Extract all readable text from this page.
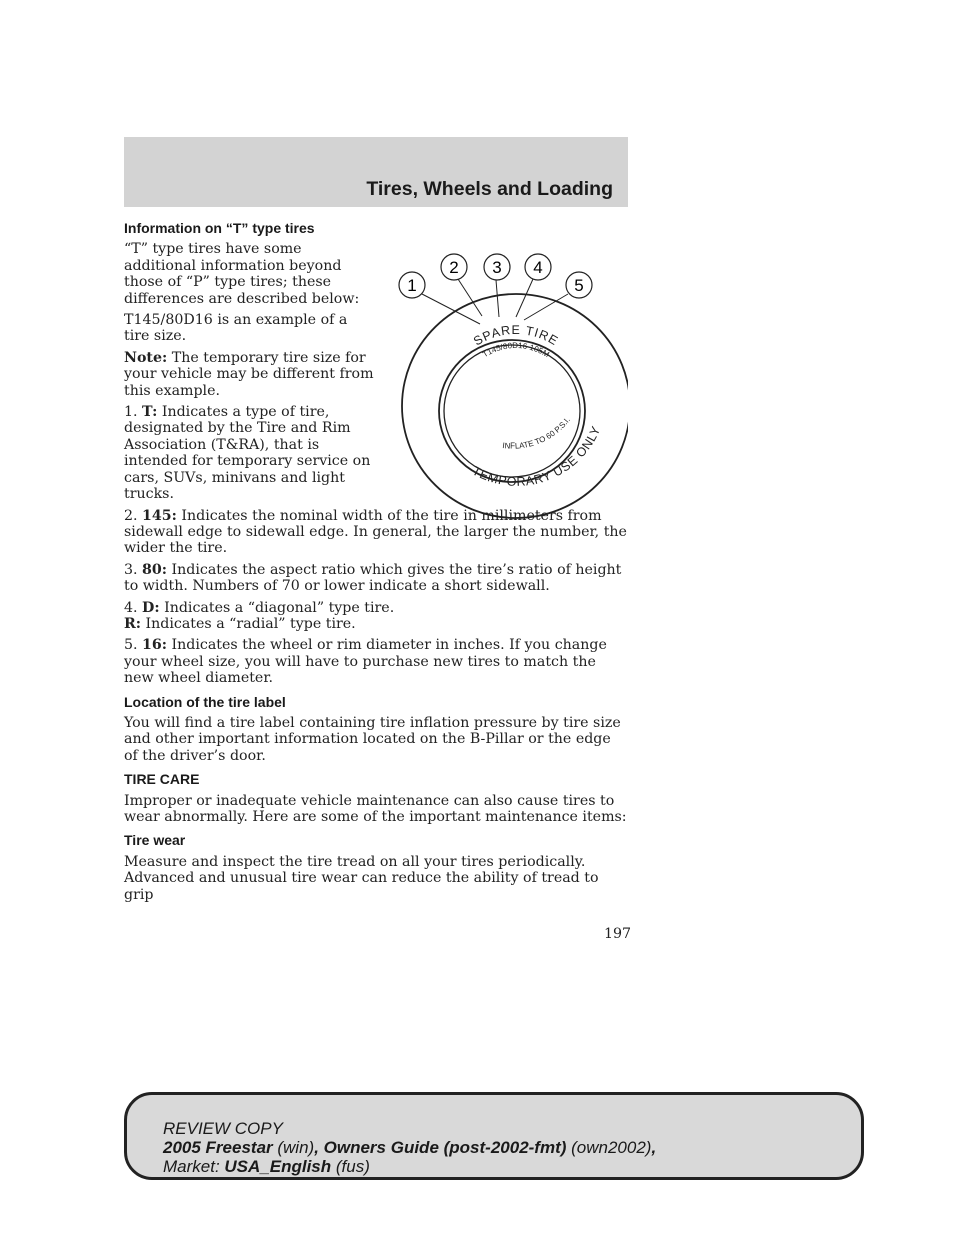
Tires, Wheels and Loading
Information on “T” type tires
“T” type tires have some additional information beyond those of “P” type tires; these differences are described below:
T145/80D16 is an example of a tire size.
Note: The temporary tire size for your vehicle may be different from this example.
1. T: Indicates a type of tire, designated by the Tire and Rim Association (T&RA), that is intended for temporary service on cars, SUVs, minivans and light trucks.
2. 145: Indicates the nominal width of the tire in millimeters from sidewall edge to sidewall edge. In general, the larger the number, the wider the tire.
3. 80: Indicates the aspect ratio which gives the tire’s ratio of height to width. Numbers of 70 or lower indicate a short sidewall.
4. D: Indicates a “diagonal” type tire.
R: Indicates a “radial” type tire.
5. 16: Indicates the wheel or rim diameter in inches. If you change your wheel size, you will have to purchase new tires to match the new wheel diameter.
Location of the tire label
You will find a tire label containing tire inflation pressure by tire size and other important information located on the B-Pillar or the edge of the driver’s door.
TIRE CARE
Improper or inadequate vehicle maintenance can also cause tires to wear abnormally. Here are some of the important maintenance items:
Tire wear
Measure and inspect the tire tread on all your tires periodically. Advanced and unusual tire wear can reduce the ability of tread to grip
1
2 3 4
5
SPARE TIRE
T145/80D16 105M
TEMPORARY USE ONLY
INFLATE TO 60 P.S.I.
197
REVIEW COPY
2005 Freestar (win), Owners Guide (post-2002-fmt) (own2002),
Market: USA_English (fus)
